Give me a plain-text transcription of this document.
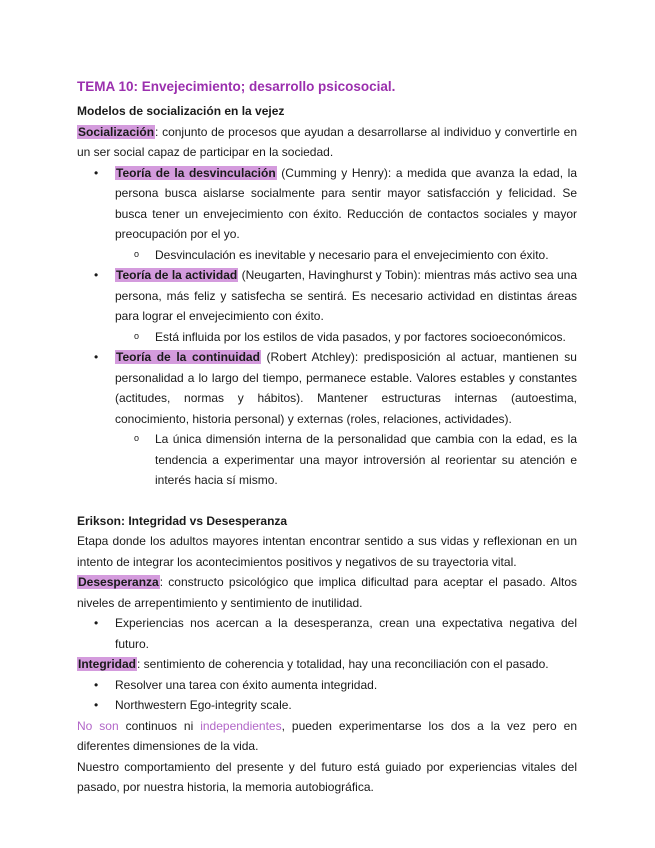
TEMA 10: Envejecimiento; desarrollo psicosocial.
Modelos de socialización en la vejez

Socialización: conjunto de procesos que ayudan a desarrollarse al individuo y convertirle en un ser social capaz de participar en la sociedad.

• Teoría de la desvinculación (Cumming y Henry): a medida que avanza la edad, la persona busca aislarse socialmente para sentir mayor satisfacción y felicidad. Se busca tener un envejecimiento con éxito. Reducción de contactos sociales y mayor preocupación por el yo.
o Desvinculación es inevitable y necesario para el envejecimiento con éxito.
• Teoría de la actividad (Neugarten, Havinghurst y Tobin): mientras más activo sea una persona, más feliz y satisfecha se sentirá. Es necesario actividad en distintas áreas para lograr el envejecimiento con éxito.
o Está influida por los estilos de vida pasados, y por factores socioeconómicos.
• Teoría de la continuidad (Robert Atchley): predisposición al actuar, mantienen su personalidad a lo largo del tiempo, permanece estable. Valores estables y constantes (actitudes, normas y hábitos). Mantener estructuras internas (autoestima, conocimiento, historia personal) y externas (roles, relaciones, actividades).
o La única dimensión interna de la personalidad que cambia con la edad, es la tendencia a experimentar una mayor introversión al reorientar su atención e interés hacia sí mismo.
Erikson: Integridad vs Desesperanza

Etapa donde los adultos mayores intentan encontrar sentido a sus vidas y reflexionan en un intento de integrar los acontecimientos positivos y negativos de su trayectoria vital.

Desesperanza: constructo psicológico que implica dificultad para aceptar el pasado. Altos niveles de arrepentimiento y sentimiento de inutilidad.

• Experiencias nos acercan a la desesperanza, crean una expectativa negativa del futuro.

Integridad: sentimiento de coherencia y totalidad, hay una reconciliación con el pasado.

• Resolver una tarea con éxito aumenta integridad.
• Northwestern Ego-integrity scale.

No son continuos ni independientes, pueden experimentarse los dos a la vez pero en diferentes dimensiones de la vida.

Nuestro comportamiento del presente y del futuro está guiado por experiencias vitales del pasado, por nuestra historia, la memoria autobiográfica.
